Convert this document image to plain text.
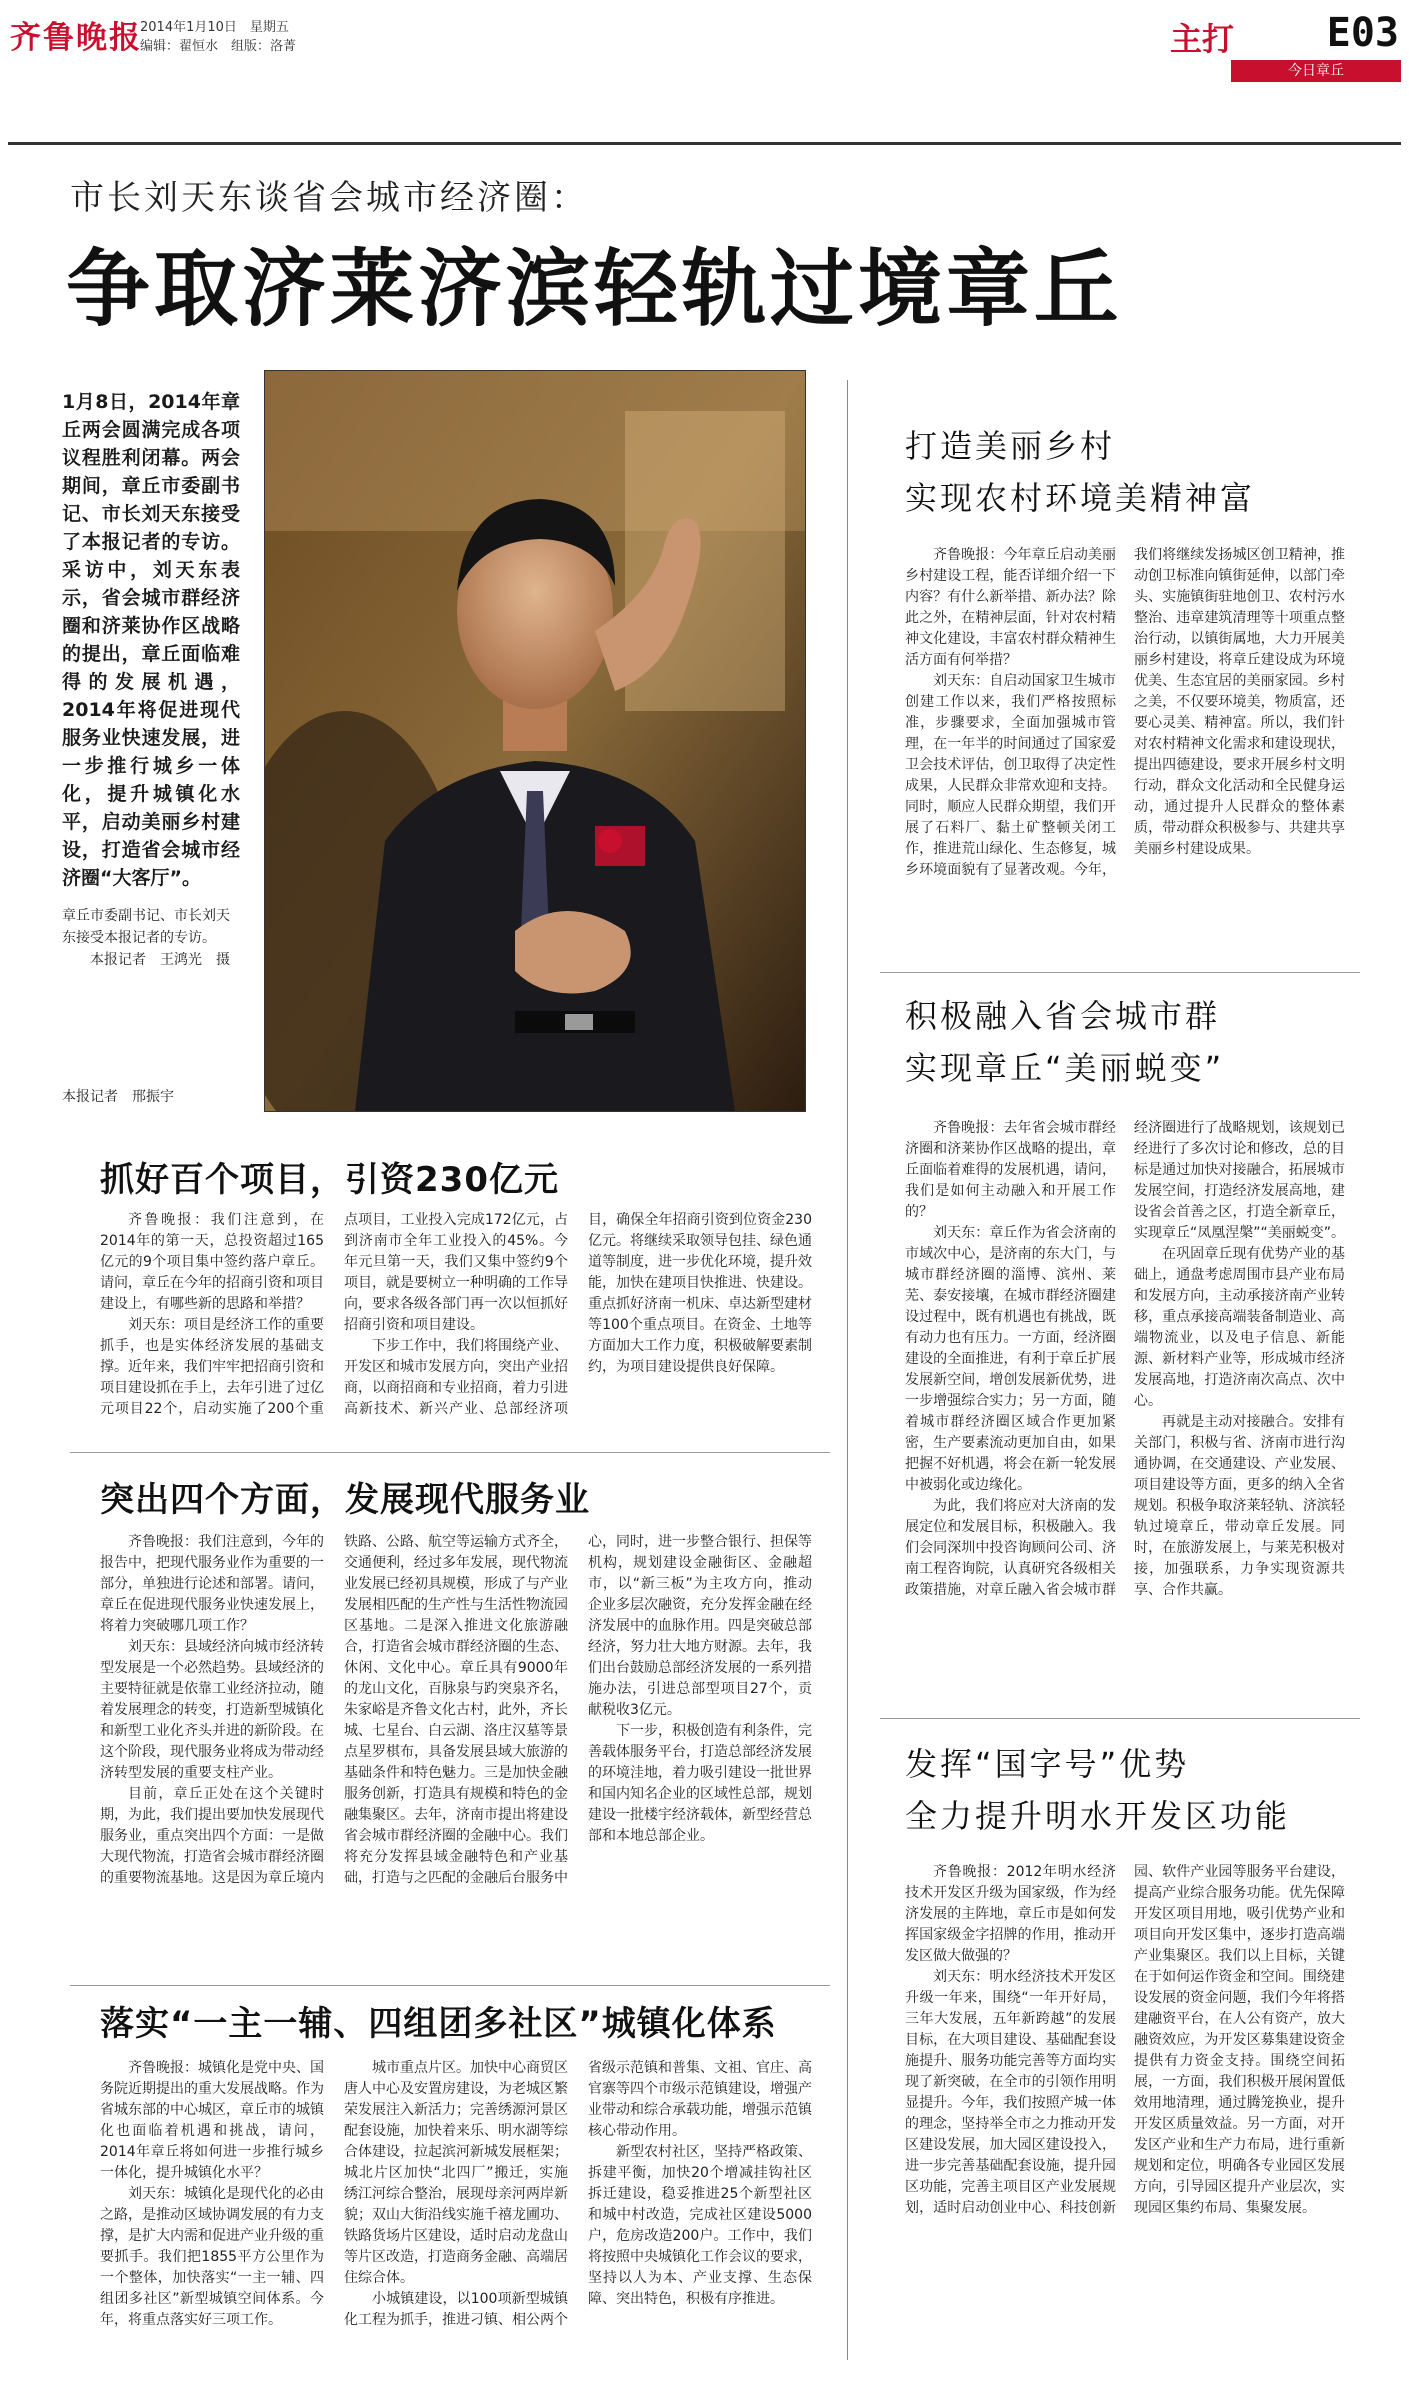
齐鲁晚报
2014年1月10日　星期五
编辑：翟恒水　组版：洛菁	主打 E03
今日章丘
市长刘天东谈省会城市经济圈：
争取济莱济滨轻轨过境章丘
1月8日，2014年章丘两会圆满完成各项议程胜利闭幕。两会期间，章丘市委副书记、市长刘天东接受了本报记者的专访。采访中，刘天东表示，省会城市群经济圈和济莱协作区战略的提出，章丘面临难得的发展机遇，2014年将促进现代服务业快速发展，进一步推行城乡一体化，提升城镇化水平，启动美丽乡村建设，打造省会城市经济圈“大客厅”。
章丘市委副书记、市长刘天东接受本报记者的专访。
本报记者　王鸿光　摄
本报记者　邢振宇
抓好百个项目，引资230亿元

齐鲁晚报：我们注意到，在2014年的第一天，总投资超过165亿元的9个项目集中签约落户章丘。请问，章丘在今年的招商引资和项目建设上，有哪些新的思路和举措？

刘天东：项目是经济工作的重要抓手，也是实体经济发展的基础支撑。近年来，我们牢牢把招商引资和项目建设抓在手上，去年引进了过亿元项目22个，启动实施了200个重点项目，工业投入完成172亿元，占到济南市全年工业投入的45%。今年元旦第一天，我们又集中签约9个项目，就是要树立一种明确的工作导向，要求各级各部门再一次以恒抓好招商引资和项目建设。

下步工作中，我们将围绕产业、开发区和城市发展方向，突出产业招商，以商招商和专业招商，着力引进高新技术、新兴产业、总部经济项目，确保全年招商引资到位资金230亿元。将继续采取领导包挂、绿色通道等制度，进一步优化环境，提升效能，加快在建项目快推进、快建设。重点抓好济南一机床、卓达新型建材等100个重点项目。在资金、土地等方面加大工作力度，积极破解要素制约，为项目建设提供良好保障。

突出四个方面，发展现代服务业

齐鲁晚报：我们注意到，今年的报告中，把现代服务业作为重要的一部分，单独进行论述和部署。请问，章丘在促进现代服务业快速发展上，将着力突破哪几项工作？

刘天东：县域经济向城市经济转型发展是一个必然趋势。县域经济的主要特征就是依靠工业经济拉动，随着发展理念的转变，打造新型城镇化和新型工业化齐头并进的新阶段。在这个阶段，现代服务业将成为带动经济转型发展的重要支柱产业。

目前，章丘正处在这个关键时期，为此，我们提出要加快发展现代服务业，重点突出四个方面：一是做大现代物流，打造省会城市群经济圈的重要物流基地。这是因为章丘境内铁路、公路、航空等运输方式齐全，交通便利，经过多年发展，现代物流业发展已经初具规模，形成了与产业发展相匹配的生产性与生活性物流园区基地。二是深入推进文化旅游融合，打造省会城市群经济圈的生态、休闲、文化中心。章丘具有9000年的龙山文化，百脉泉与趵突泉齐名，朱家峪是齐鲁文化古村，此外，齐长城、七星台、白云湖、洛庄汉墓等景点星罗棋布，具备发展县域大旅游的基础条件和特色魅力。三是加快金融服务创新，打造具有规模和特色的金融集聚区。去年，济南市提出将建设省会城市群经济圈的金融中心。我们将充分发挥县域金融特色和产业基础，打造与之匹配的金融后台服务中心，同时，进一步整合银行、担保等机构，规划建设金融街区、金融超市，以“新三板”为主攻方向，推动企业多层次融资，充分发挥金融在经济发展中的血脉作用。四是突破总部经济，努力壮大地方财源。去年，我们出台鼓励总部经济发展的一系列措施办法，引进总部型项目27个，贡献税收3亿元。

下一步，积极创造有利条件，完善载体服务平台，打造总部经济发展的环境洼地，着力吸引建设一批世界和国内知名企业的区域性总部，规划建设一批楼宇经济载体，新型经营总部和本地总部企业。

落实“一主一辅、四组团多社区”城镇化体系

齐鲁晚报：城镇化是党中央、国务院近期提出的重大发展战略。作为省城东部的中心城区，章丘市的城镇化也面临着机遇和挑战，请问，2014年章丘将如何进一步推行城乡一体化，提升城镇化水平？

刘天东：城镇化是现代化的必由之路，是推动区域协调发展的有力支撑，是扩大内需和促进产业升级的重要抓手。我们把1855平方公里作为一个整体，加快落实“一主一辅、四组团多社区”新型城镇空间体系。今年，将重点落实好三项工作。

城市重点片区。加快中心商贸区唐人中心及安置房建设，为老城区繁荣发展注入新活力；完善绣源河景区配套设施，加快着来乐、明水湖等综合体建设，拉起滨河新城发展框架；城北片区加快“北四厂”搬迁，实施绣江河综合整治，展现母亲河两岸新貌；双山大街沿线实施千禧龙圃功、铁路货场片区建设，适时启动龙盘山等片区改造，打造商务金融、高端居住综合体。

小城镇建设，以100项新型城镇化工程为抓手，推进刁镇、相公两个省级示范镇和普集、文祖、官庄、高官寨等四个市级示范镇建设，增强产业带动和综合承载功能，增强示范镇核心带动作用。

新型农村社区，坚持严格政策、拆建平衡，加快20个增减挂钩社区拆迁建设，稳妥推进25个新型社区和城中村改造，完成社区建设5000户，危房改造200户。工作中，我们将按照中央城镇化工作会议的要求，坚持以人为本、产业支撑、生态保障、突出特色，积极有序推进。

打造美丽乡村
实现农村环境美精神富

齐鲁晚报：今年章丘启动美丽乡村建设工程，能否详细介绍一下内容？有什么新举措、新办法？除此之外，在精神层面，针对农村精神文化建设，丰富农村群众精神生活方面有何举措？

刘天东：自启动国家卫生城市创建工作以来，我们严格按照标准，步骤要求，全面加强城市管理，在一年半的时间通过了国家爱卫会技术评估，创卫取得了决定性成果，人民群众非常欢迎和支持。同时，顺应人民群众期望，我们开展了石料厂、黏土矿整顿关闭工作，推进荒山绿化、生态修复，城乡环境面貌有了显著改观。今年，我们将继续发扬城区创卫精神，推动创卫标准向镇街延伸，以部门牵头、实施镇街驻地创卫、农村污水整治、违章建筑清理等十项重点整治行动，以镇街属地，大力开展美丽乡村建设，将章丘建设成为环境优美、生态宜居的美丽家园。乡村之美，不仅要环境美，物质富，还要心灵美、精神富。所以，我们针对农村精神文化需求和建设现状，提出四德建设，要求开展乡村文明行动，群众文化活动和全民健身运动，通过提升人民群众的整体素质，带动群众积极参与、共建共享美丽乡村建设成果。

积极融入省会城市群
实现章丘“美丽蜕变”

齐鲁晚报：去年省会城市群经济圈和济莱协作区战略的提出，章丘面临着难得的发展机遇，请问，我们是如何主动融入和开展工作的？

刘天东：章丘作为省会济南的市域次中心，是济南的东大门，与城市群经济圈的淄博、滨州、莱芜、泰安接壤，在城市群经济圈建设过程中，既有机遇也有挑战，既有动力也有压力。一方面，经济圈建设的全面推进，有利于章丘扩展发展新空间，增创发展新优势，进一步增强综合实力；另一方面，随着城市群经济圈区域合作更加紧密，生产要素流动更加自由，如果把握不好机遇，将会在新一轮发展中被弱化或边缘化。

为此，我们将应对大济南的发展定位和发展目标，积极融入。我们会同深圳中投咨询顾问公司、济南工程咨询院，认真研究各级相关政策措施，对章丘融入省会城市群经济圈进行了战略规划，该规划已经进行了多次讨论和修改，总的目标是通过加快对接融合，拓展城市发展空间，打造经济发展高地，建设省会首善之区，打造全新章丘，实现章丘“凤凰涅槃”“美丽蜕变”。

在巩固章丘现有优势产业的基础上，通盘考虑周围市县产业布局和发展方向，主动承接济南产业转移，重点承接高端装备制造业、高端物流业，以及电子信息、新能源、新材料产业等，形成城市经济发展高地，打造济南次高点、次中心。

再就是主动对接融合。安排有关部门，积极与省、济南市进行沟通协调，在交通建设、产业发展、项目建设等方面，更多的纳入全省规划。积极争取济莱轻轨、济滨轻轨过境章丘，带动章丘发展。同时，在旅游发展上，与莱芜积极对接，加强联系，力争实现资源共享、合作共赢。

发挥“国字号”优势
全力提升明水开发区功能

齐鲁晚报：2012年明水经济技术开发区升级为国家级，作为经济发展的主阵地，章丘市是如何发挥国家级金字招牌的作用，推动开发区做大做强的？

刘天东：明水经济技术开发区升级一年来，围绕“一年开好局，三年大发展，五年新跨越”的发展目标，在大项目建设、基础配套设施提升、服务功能完善等方面均实现了新突破，在全市的引领作用明显提升。今年，我们按照产城一体的理念，坚持举全市之力推动开发区建设发展，加大园区建设投入，进一步完善基础配套设施，提升园区功能，完善主项目区产业发展规划，适时启动创业中心、科技创新园、软件产业园等服务平台建设，提高产业综合服务功能。优先保障开发区项目用地，吸引优势产业和项目向开发区集中，逐步打造高端产业集聚区。我们以上目标，关键在于如何运作资金和空间。围绕建设发展的资金问题，我们今年将搭建融资平台，在人公有资产，放大融资效应，为开发区募集建设资金提供有力资金支持。围绕空间拓展，一方面，我们积极开展闲置低效用地清理，通过腾笼换业，提升开发区质量效益。另一方面，对开发区产业和生产力布局，进行重新规划和定位，明确各专业园区发展方向，引导园区提升产业层次，实现园区集约布局、集聚发展。
